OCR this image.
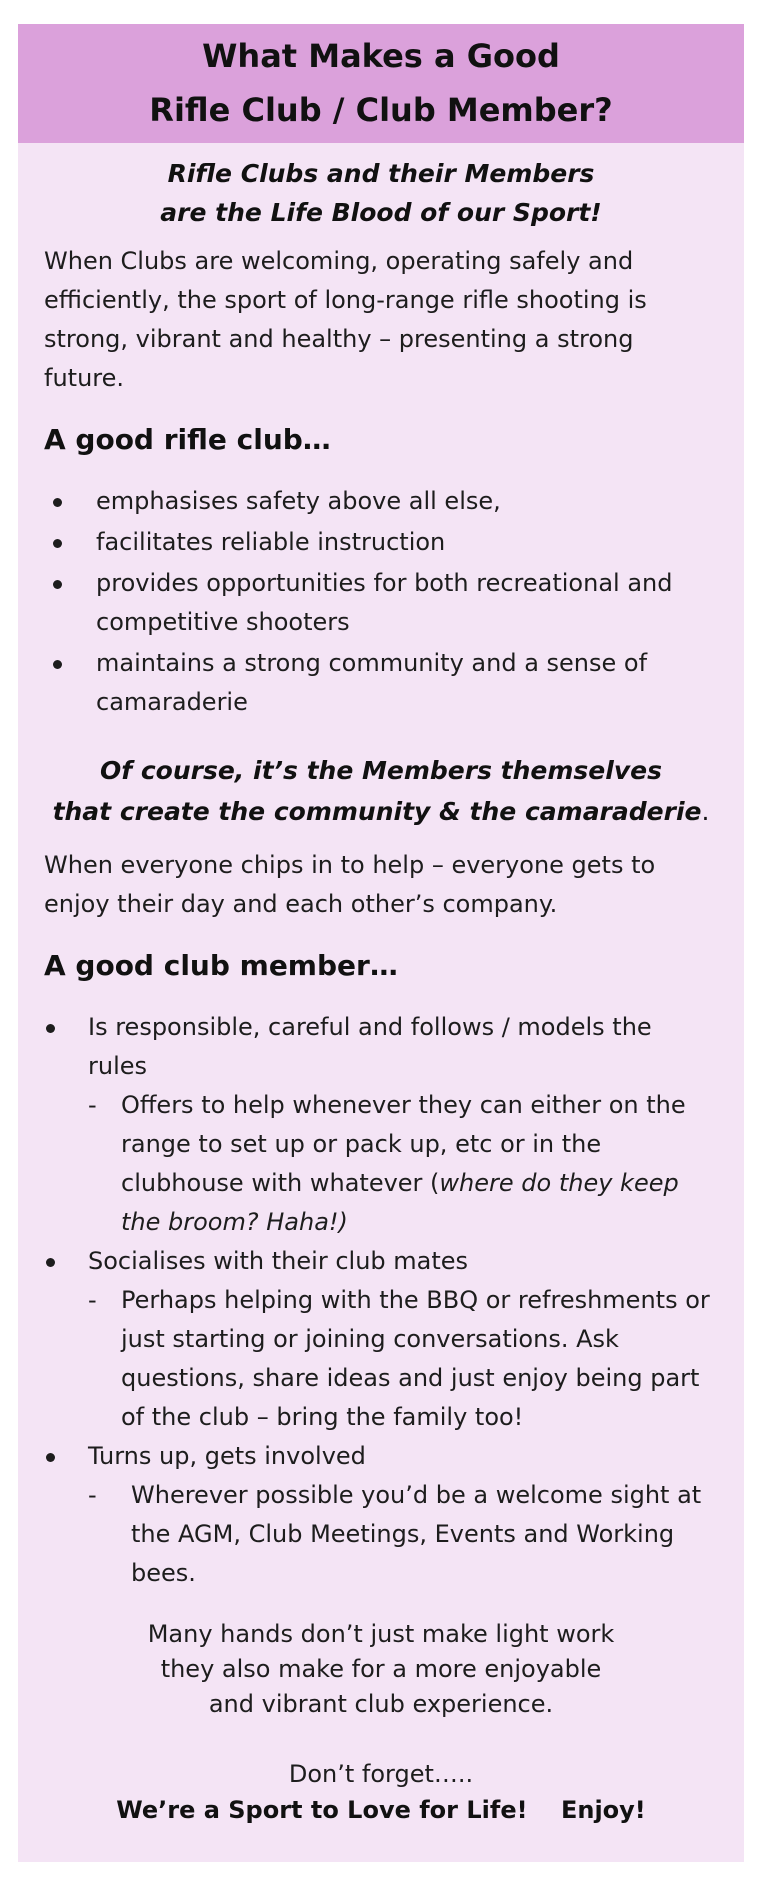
What Makes a Good
Rifle Club / Club Member?
Rifle Clubs and their Members
are the Life Blood of our Sport!
When Clubs are welcoming, operating safely and efficiently, the sport of long-range rifle shooting is strong, vibrant and healthy – presenting a strong future.
A good rifle club…
emphasises safety above all else,
facilitates reliable instruction
provides opportunities for both recreational and competitive shooters
maintains a strong community and a sense of camaraderie
Of course, it’s the Members themselves
that create the community & the camaraderie.
When everyone chips in to help – everyone gets to enjoy their day and each other’s company.
A good club member…
Is responsible, careful and follows / models the rules
- Offers to help whenever they can either on the range to set up or pack up, etc or in the clubhouse with whatever (where do they keep the broom? Haha!)
Socialises with their club mates
- Perhaps helping with the BBQ or refreshments or just starting or joining conversations. Ask questions, share ideas and just enjoy being part of the club – bring the family too!
Turns up, gets involved
- Wherever possible you’d be a welcome sight at the AGM, Club Meetings, Events and Working bees.
Many hands don’t just make light work
they also make for a more enjoyable
and vibrant club experience.
Don’t forget…..
We’re a Sport to Love for Life!    Enjoy!
